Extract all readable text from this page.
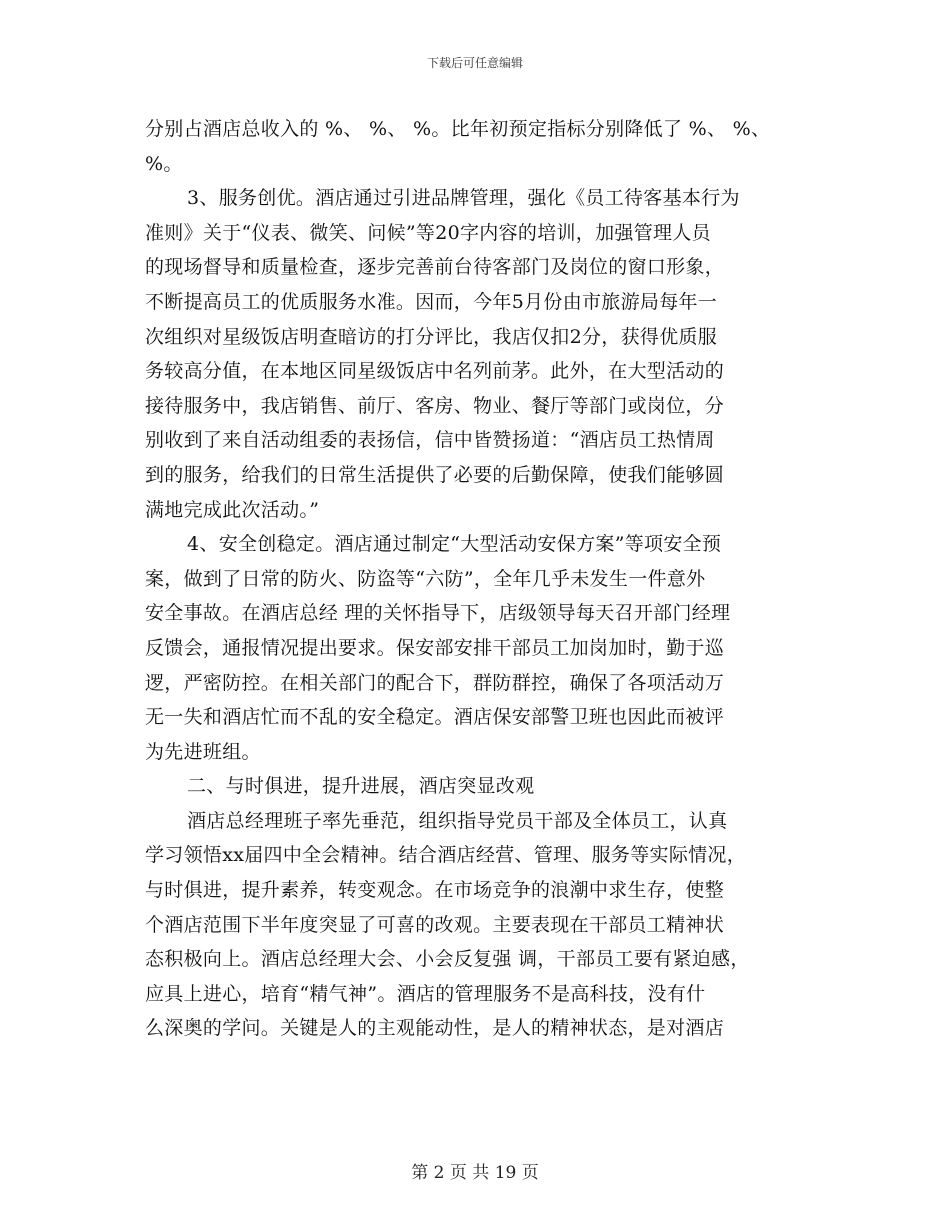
下载后可任意编辑
分别占酒店总收入的 %、 %、 %。比年初预定指标分别降低了 %、 %、
%。
3、服务创优。酒店通过引进品牌管理，强化《员工待客基本行为
准则》关于“仪表、微笑、问候”等20字内容的培训，加强管理人员
的现场督导和质量检查，逐步完善前台待客部门及岗位的窗口形象，
不断提高员工的优质服务水准。因而，今年5月份由市旅游局每年一
次组织对星级饭店明查暗访的打分评比，我店仅扣2分，获得优质服
务较高分值，在本地区同星级饭店中名列前茅。此外，在大型活动的
接待服务中，我店销售、前厅、客房、物业、餐厅等部门或岗位，分
别收到了来自活动组委的表扬信，信中皆赞扬道：“酒店员工热情周
到的服务，给我们的日常生活提供了必要的后勤保障，使我们能够圆
满地完成此次活动。”
4、安全创稳定。酒店通过制定“大型活动安保方案”等项安全预
案，做到了日常的防火、防盗等“六防”，全年几乎未发生一件意外
安全事故。在酒店总经 理的关怀指导下，店级领导每天召开部门经理
反馈会，通报情况提出要求。保安部安排干部员工加岗加时，勤于巡
逻，严密防控。在相关部门的配合下，群防群控，确保了各项活动万
无一失和酒店忙而不乱的安全稳定。酒店保安部警卫班也因此而被评
为先进班组。
二、与时俱进，提升进展，酒店突显改观
酒店总经理班子率先垂范，组织指导党员干部及全体员工，认真
学习领悟xx届四中全会精神。结合酒店经营、管理、服务等实际情况，
与时俱进，提升素养，转变观念。在市场竞争的浪潮中求生存，使整
个酒店范围下半年度突显了可喜的改观。主要表现在干部员工精神状
态积极向上。酒店总经理大会、小会反复强 调，干部员工要有紧迫感，
应具上进心，培育“精气神”。酒店的管理服务不是高科技，没有什
么深奥的学问。关键是人的主观能动性，是人的精神状态，是对酒店
第 2 页 共 19 页
